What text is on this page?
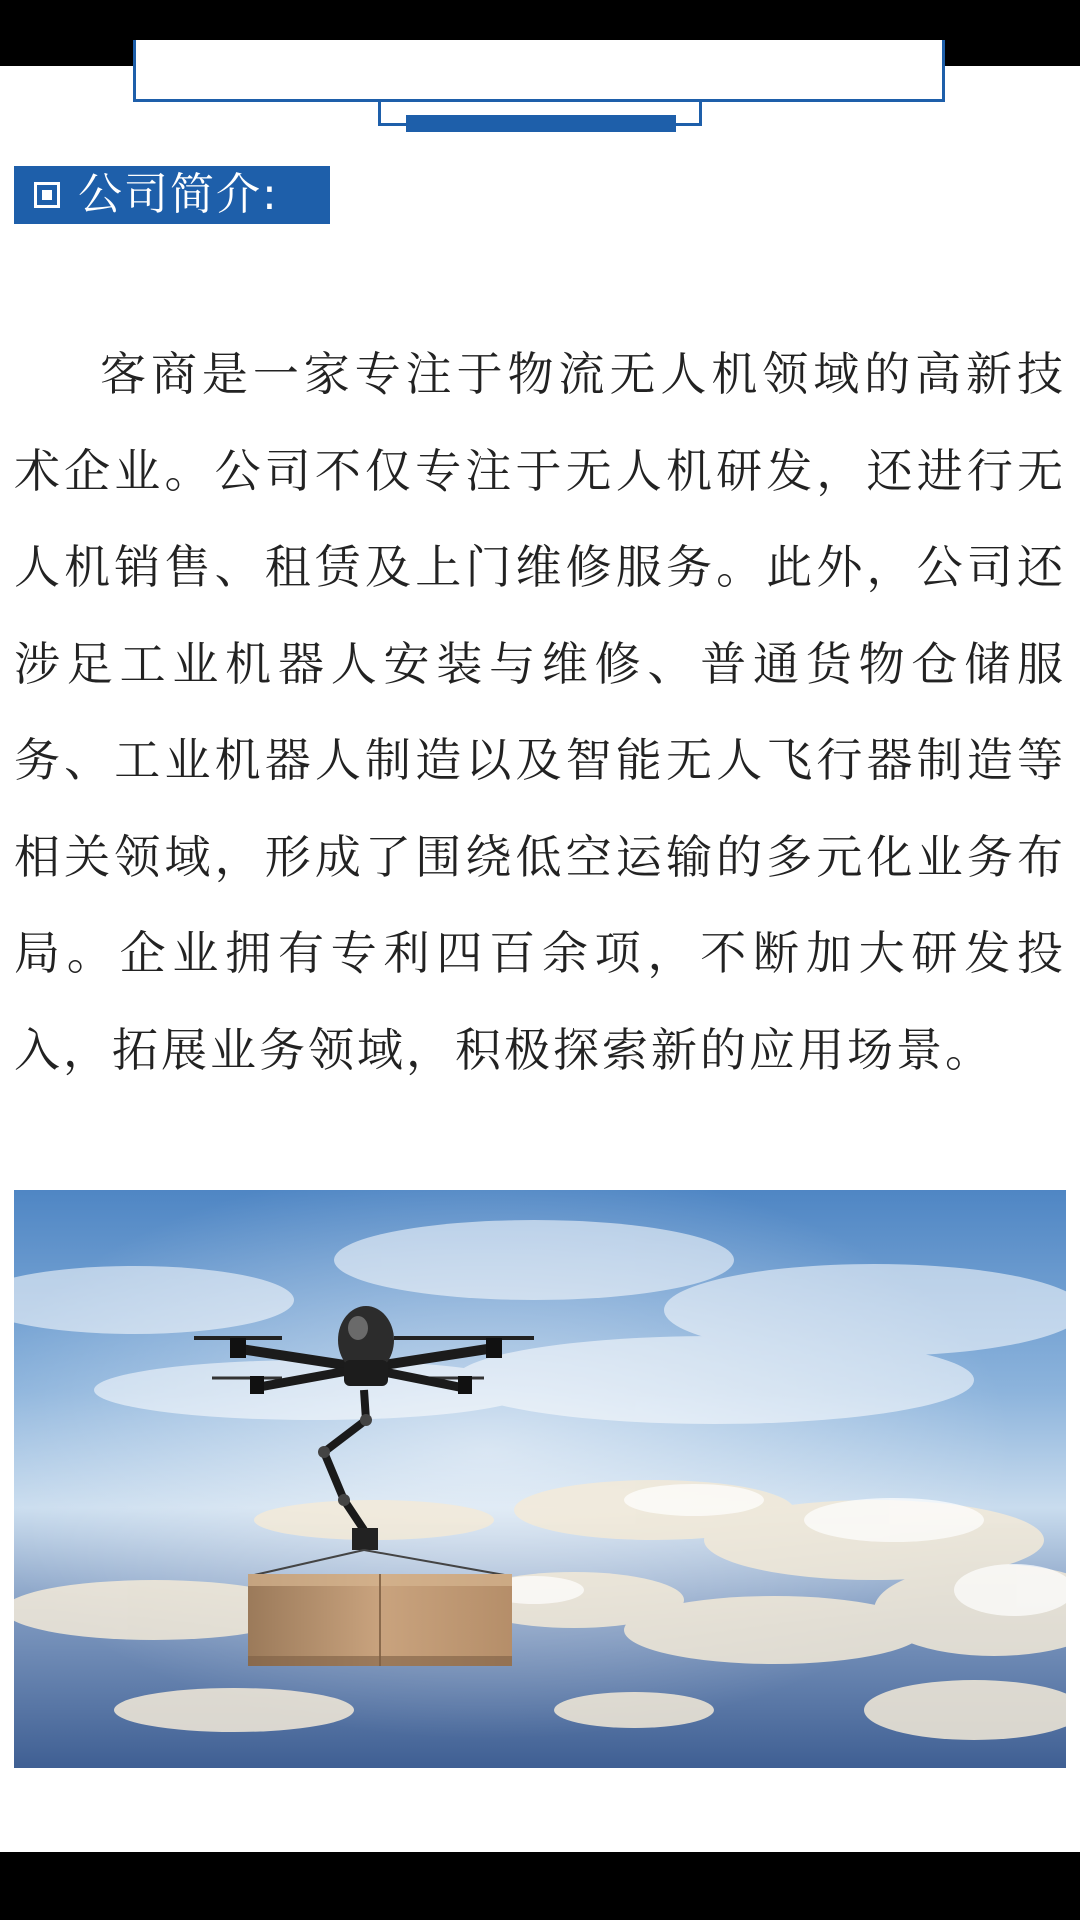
公司简介:

客商是一家专注于物流无人机领域的高新技术企业。公司不仅专注于无人机研发，还进行无人机销售、租赁及上门维修服务。此外，公司还涉足工业机器人安装与维修、普通货物仓储服务、工业机器人制造以及智能无人飞行器制造等相关领域，形成了围绕低空运输的多元化业务布局。企业拥有专利四百余项，不断加大研发投入，拓展业务领域，积极探索新的应用场景。
